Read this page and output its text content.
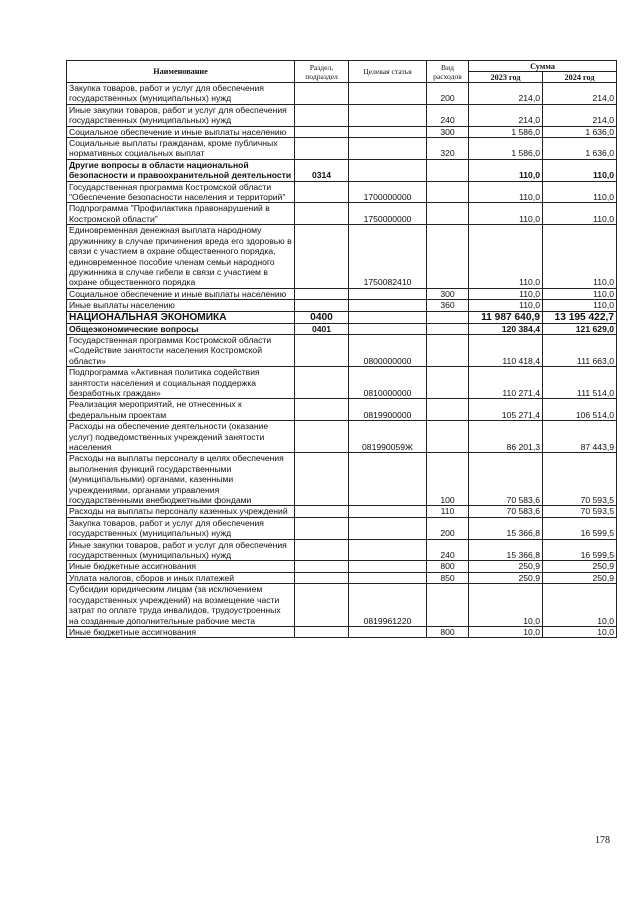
Наименование	Раздел, подраздел	Целевая статья	Вид расходов	Сумма	
				2023 год	2024 год
Закупка товаров, работ и услуг для обеспечения государственных (муниципальных) нужд			200	214,0	214,0
Иные закупки товаров, работ и услуг для обеспечения государственных (муниципальных) нужд			240	214,0	214,0
Социальное обеспечение и иные выплаты населению			300	1 586,0	1 636,0
Социальные выплаты гражданам, кроме публичных нормативных социальных выплат			320	1 586,0	1 636,0
Другие вопросы в области национальной безопасности и правоохранительной деятельности	0314			110,0	110,0
Государственная программа Костромской области "Обеспечение безопасности населения и территорий"		1700000000		110,0	110,0
Подпрограмма "Профилактика правонарушений в Костромской области"		1750000000		110,0	110,0
Единовременная денежная выплата народному дружиннику в случае причинения вреда его здоровью в связи с участием в охране общественного порядка, единовременное пособие членам семьи народного дружинника в случае гибели в связи с участием в охране общественного порядка		1750082410		110,0	110,0
Социальное обеспечение и иные выплаты населению			300	110,0	110,0
Иные выплаты населению			360	110,0	110,0
НАЦИОНАЛЬНАЯ ЭКОНОМИКА	0400			11 987 640,9	13 195 422,7
Общеэкономические вопросы	0401			120 384,4	121 629,0
Государственная программа Костромской области «Содействие занятости населения Костромской области»		0800000000		110 418,4	111 663,0
Подпрограмма «Активная политика содействия занятости населения и социальная поддержка безработных граждан»		0810000000		110 271,4	111 514,0
Реализация мероприятий, не отнесенных к федеральным проектам		0819900000		105 271,4	106 514,0
Расходы на обеспечение деятельности (оказание услуг) подведомственных учреждений занятости населения		081990059Ж		86 201,3	87 443,9
Расходы на выплаты персоналу в целях обеспечения выполнения функций государственными (муниципальными) органами, казенными учреждениями, органами управления государственными внебюджетными фондами			100	70 583,6	70 593,5
Расходы на выплаты персоналу казенных учреждений			110	70 583,6	70 593,5
Закупка товаров, работ и услуг для обеспечения государственных (муниципальных) нужд			200	15 366,8	16 599,5
Иные закупки товаров, работ и услуг для обеспечения государственных (муниципальных) нужд			240	15 366,8	16 599,5
Иные бюджетные ассигнования			800	250,9	250,9
Уплата налогов, сборов и иных платежей			850	250,9	250,9
Субсидии юридическим лицам (за исключением государственных учреждений) на возмещение части затрат по оплате труда инвалидов, трудоустроенных на созданные дополнительные рабочие места		0819961220		10,0	10,0
Иные бюджетные ассигнования			800	10,0	10,0
178
